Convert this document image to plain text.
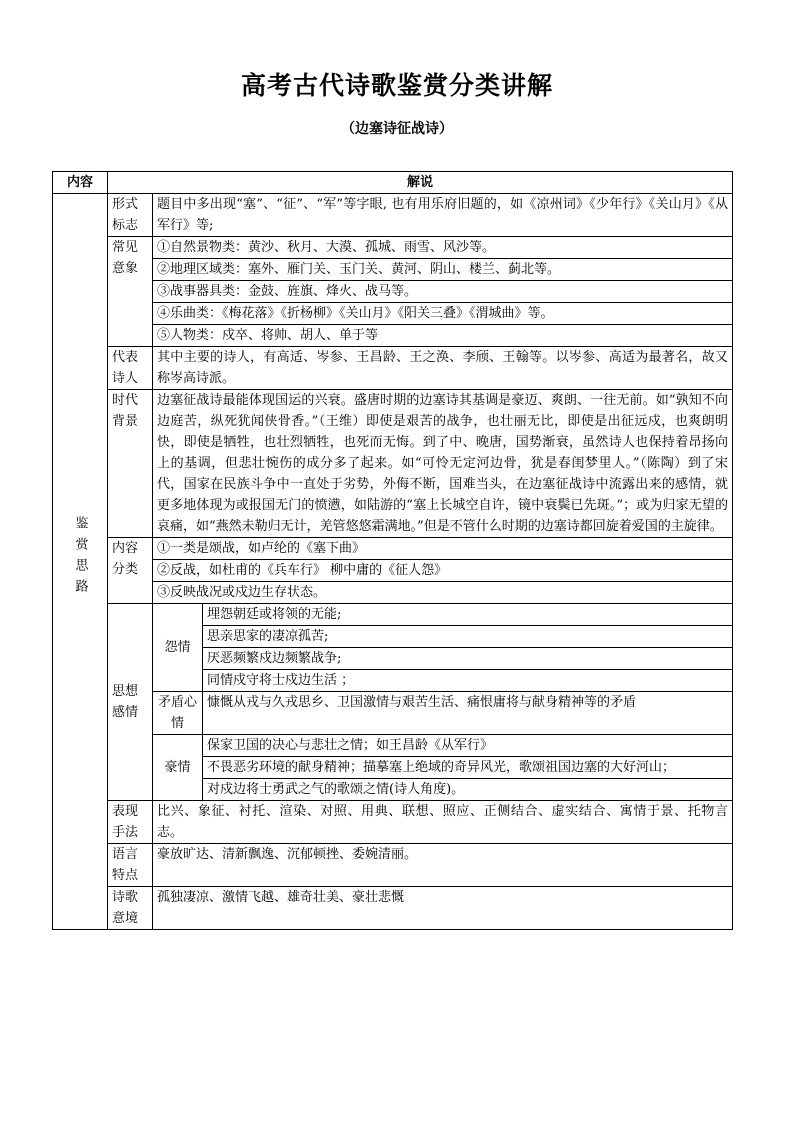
高考古代诗歌鉴赏分类讲解
（边塞诗征战诗）
内容	解说		
鉴赏思路	形式标志	题目中多出现“塞”、“征”、“军”等字眼, 也有用乐府旧题的，如《凉州词》《少年行》《关山月》《从军行》等;	
	常见意象	①自然景物类：黄沙、秋月、大漠、孤城、雨雪、风沙等。	
		②地理区域类：塞外、雁门关、玉门关、黄河、阴山、楼兰、蓟北等。	
		③战事器具类：金鼓、旌旗、烽火、战马等。	
		④乐曲类：《梅花落》《折杨柳》《关山月》《阳关三叠》《渭城曲》等。	
		⑤人物类：戍卒、将帅、胡人、单于等	
	代表诗人	其中主要的诗人，有高适、岑参、王昌龄、王之涣、李颀、王翰等。以岑参、高适为最著名，故又称岑高诗派。	
	时代背景	边塞征战诗最能体现国运的兴衰。盛唐时期的边塞诗其基调是豪迈、爽朗、一往无前。如“孰知不向边庭苦，纵死犹闻侠骨香。”（王维）即使是艰苦的战争，也壮丽无比，即使是出征远戍，也爽朗明快，即使是牺牲，也壮烈牺牲，也死而无悔。到了中、晚唐，国势渐衰，虽然诗人也保持着昂扬向上的基调，但悲壮惋伤的成分多了起来。如“可怜无定河边骨，犹是春闺梦里人。”（陈陶）到了宋代，国家在民族斗争中一直处于劣势，外侮不断，国难当头，在边塞征战诗中流露出来的感情，就更多地体现为或报国无门的愤懑，如陆游的“塞上长城空自许，镜中衰鬓已先斑。”；或为归家无望的哀痛，如“燕然未勒归无计，羌管悠悠霜满地。”但是不管什么时期的边塞诗都回旋着爱国的主旋律。	
	内容分类	①一类是颂战，如卢纶的《塞下曲》	
		②反战，如杜甫的《兵车行》 柳中庸的《征人怨》	
		③反映战况或戍边生存状态。	
	思想感情	怨情	埋怨朝廷或将领的无能;
			思亲思家的凄凉孤苦;
			厌恶频繁戍边频繁战争;
			同情戍守将士戍边生活 ；
		矛盾心情	慷慨从戎与久戎思乡、卫国激情与艰苦生活、痛恨庸将与献身精神等的矛盾
		豪情	保家卫国的决心与悲壮之情；如王昌龄《从军行》
			不畏恶劣环境的献身精神；描摹塞上绝域的奇异风光，歌颂祖国边塞的大好河山；
			对戍边将士勇武之气的歌颂之情(诗人角度)。
	表现手法	比兴、象征、衬托、渲染、对照、用典、联想、照应、正侧结合、虚实结合、寓情于景、托物言志。	
	语言特点	豪放旷达、清新飘逸、沉郁顿挫、委婉清丽。	
	诗歌意境	孤独凄凉、激情飞越、雄奇壮美、豪壮悲慨	
